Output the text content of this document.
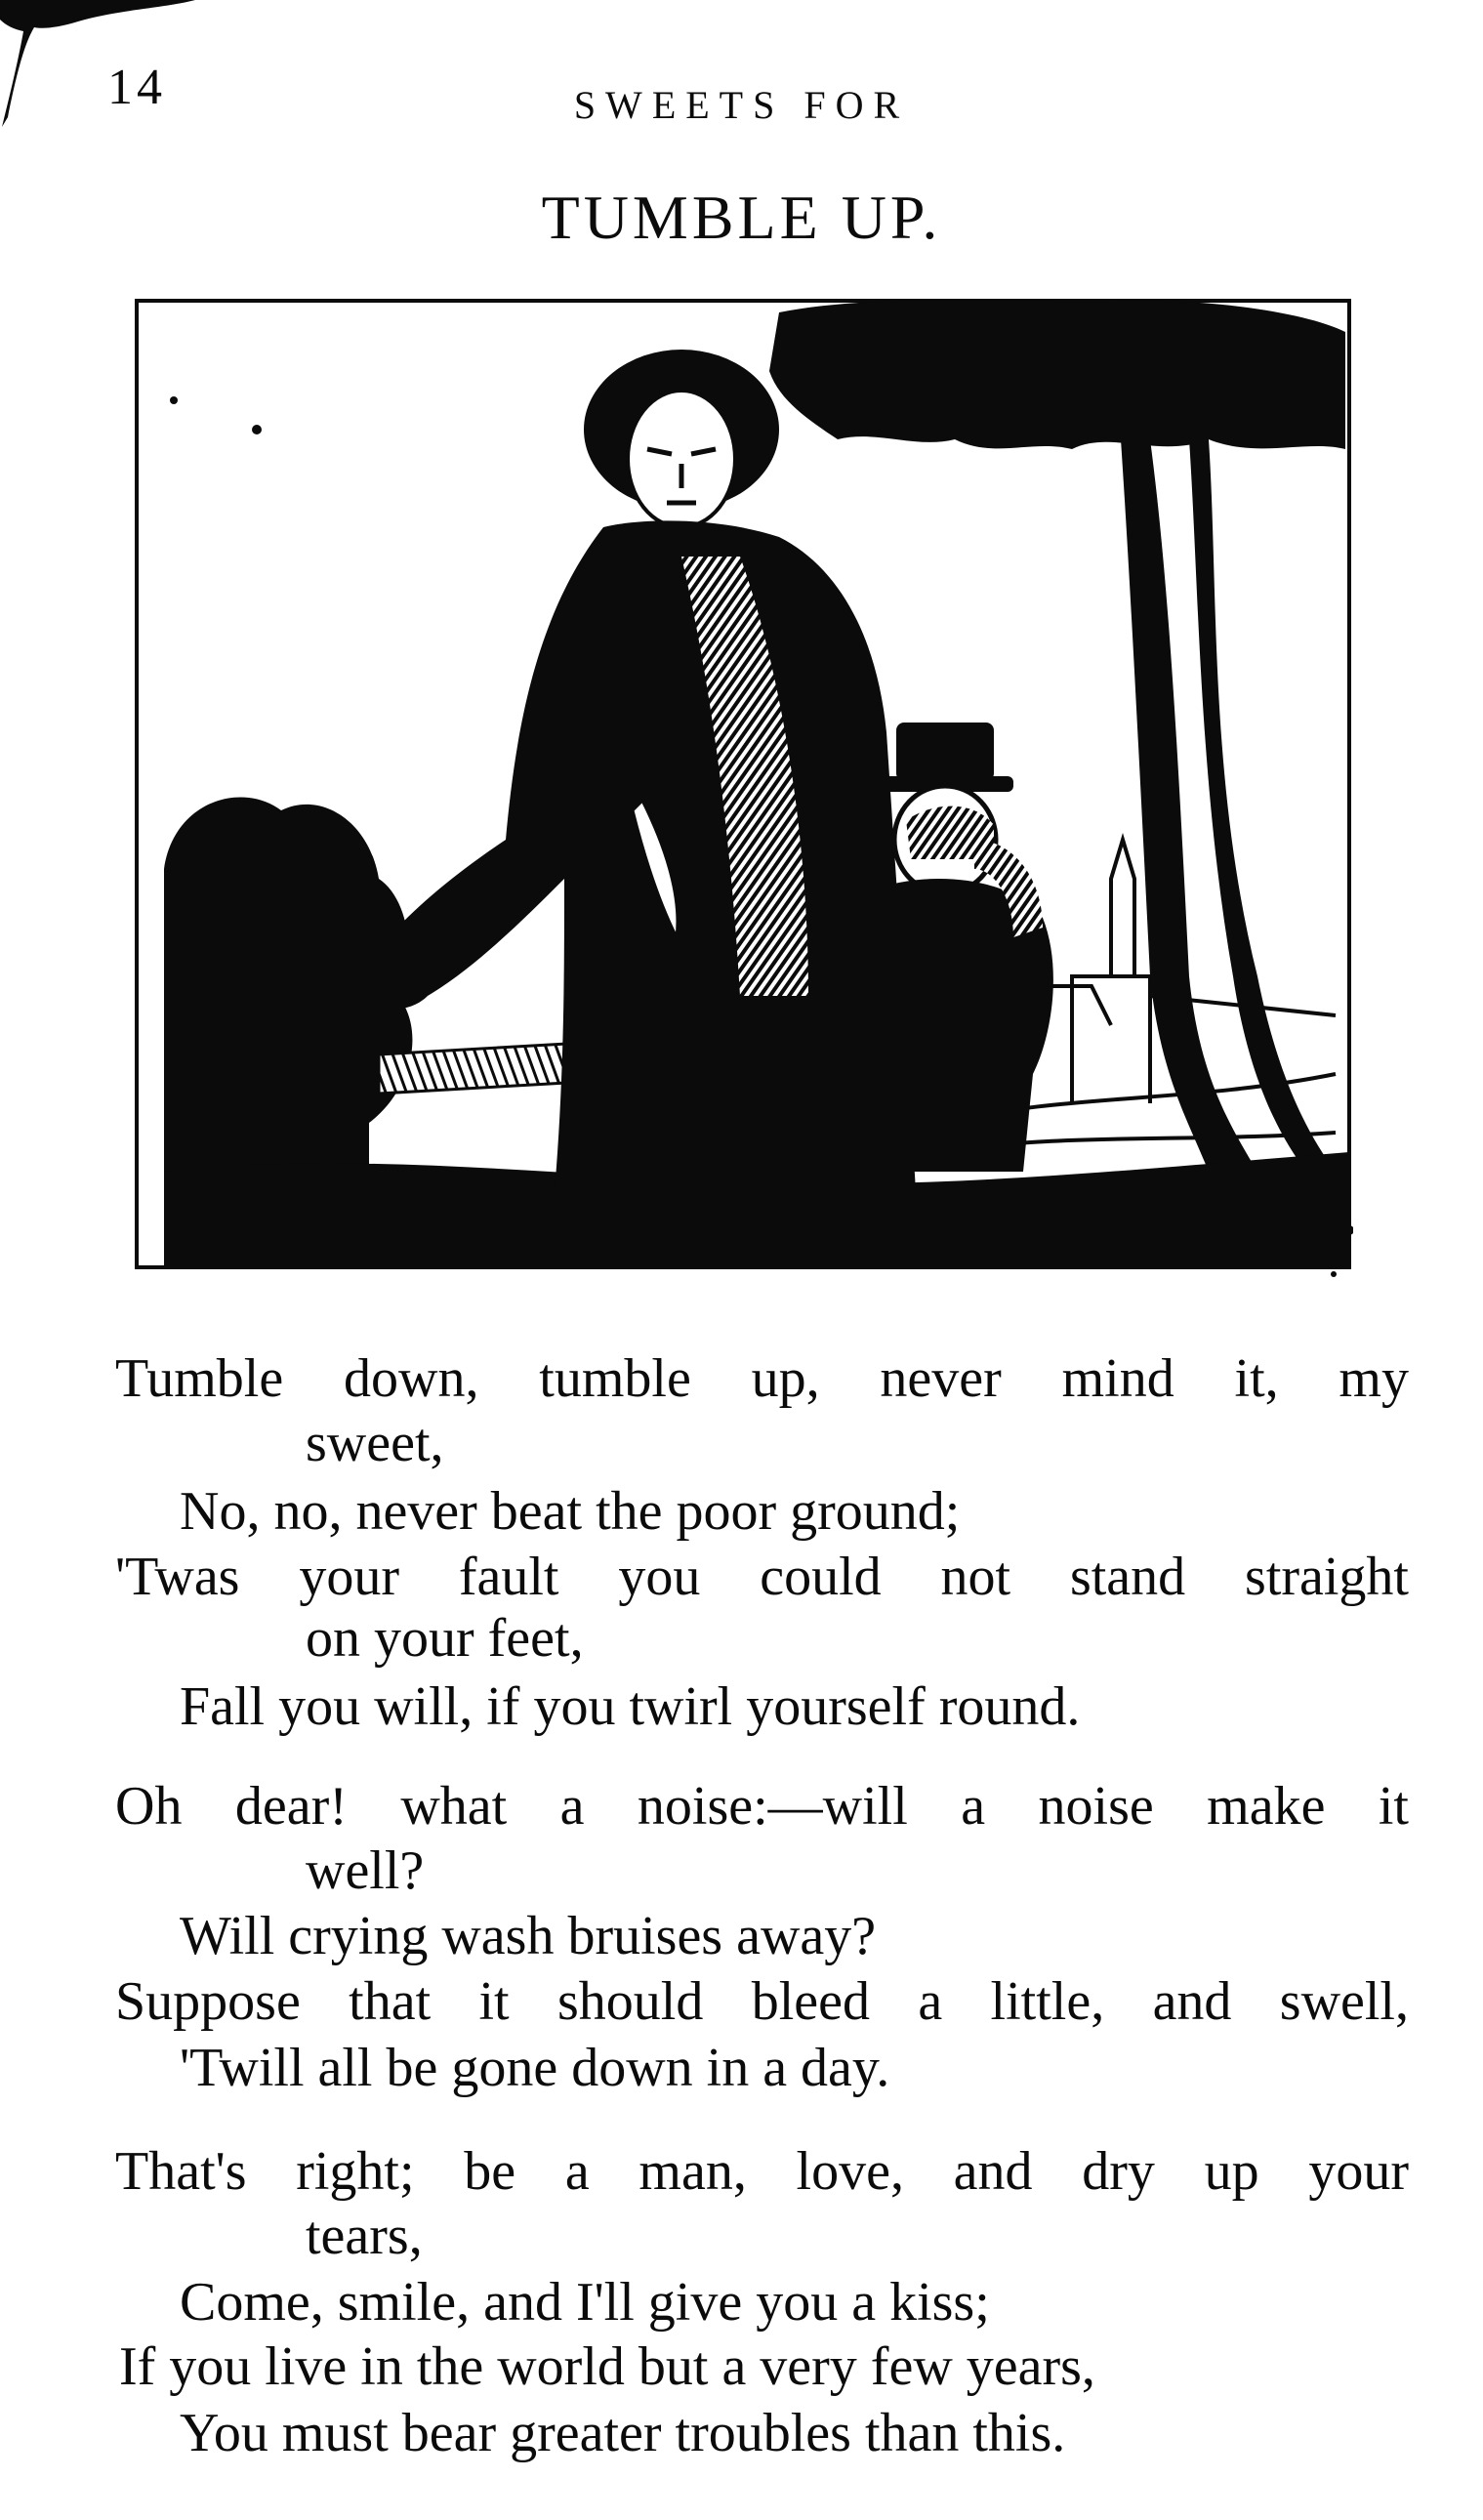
14	SWEETS FOR
TUMBLE UP.
Tumble down, tumble up, never mind it, my
sweet,
No, no, never beat the poor ground;
'Twas your fault you could not stand straight
on your feet,
Fall you will, if you twirl yourself round.
Oh dear! what a noise:—will a noise make it
well?
Will crying wash bruises away?
Suppose that it should bleed a little, and swell,
'Twill all be gone down in a day.
That's right; be a man, love, and dry up your
tears,
Come, smile, and I'll give you a kiss;
If you live in the world but a very few years,
You must bear greater troubles than this.
